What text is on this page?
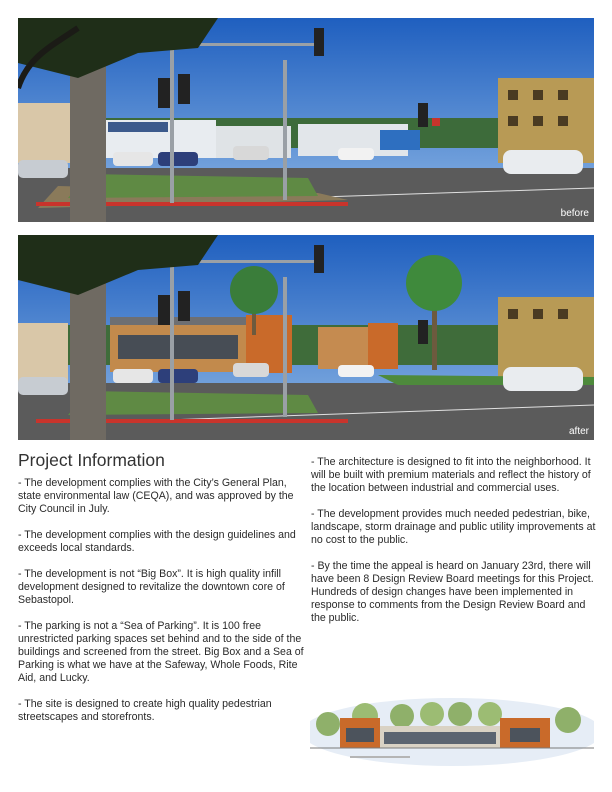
before
after
Project Information

- The development complies with the City’s General Plan, state environmental law (CEQA), and was approved by the City Council in July.

- The development complies with the design guidelines and exceeds local standards.

- The development is not “Big Box”. It is high quality infill development designed to revitalize the downtown core of Sebastopol.

- The parking is not a “Sea of Parking”. It is 100 free unrestricted parking spaces set behind and to the side of the buildings and screened from the street. Big Box and a Sea of Parking is what we have at the Safeway, Whole Foods, Rite Aid, and Lucky.

- The site is designed to create high quality pedestrian streetscapes and storefronts.

- The architecture is designed to fit into the neighborhood. It will be built with premium materials and reflect the history of the location between industrial and commercial uses.

- The development provides much needed pedestrian, bike, landscape, storm drainage and public utility improvements at no cost to the public.

- By the time the appeal is heard on January 23rd, there will have been 8 Design Review Board meetings for this Project. Hundreds of design changes have been implemented in response to comments from the Design Review Board and the public.
